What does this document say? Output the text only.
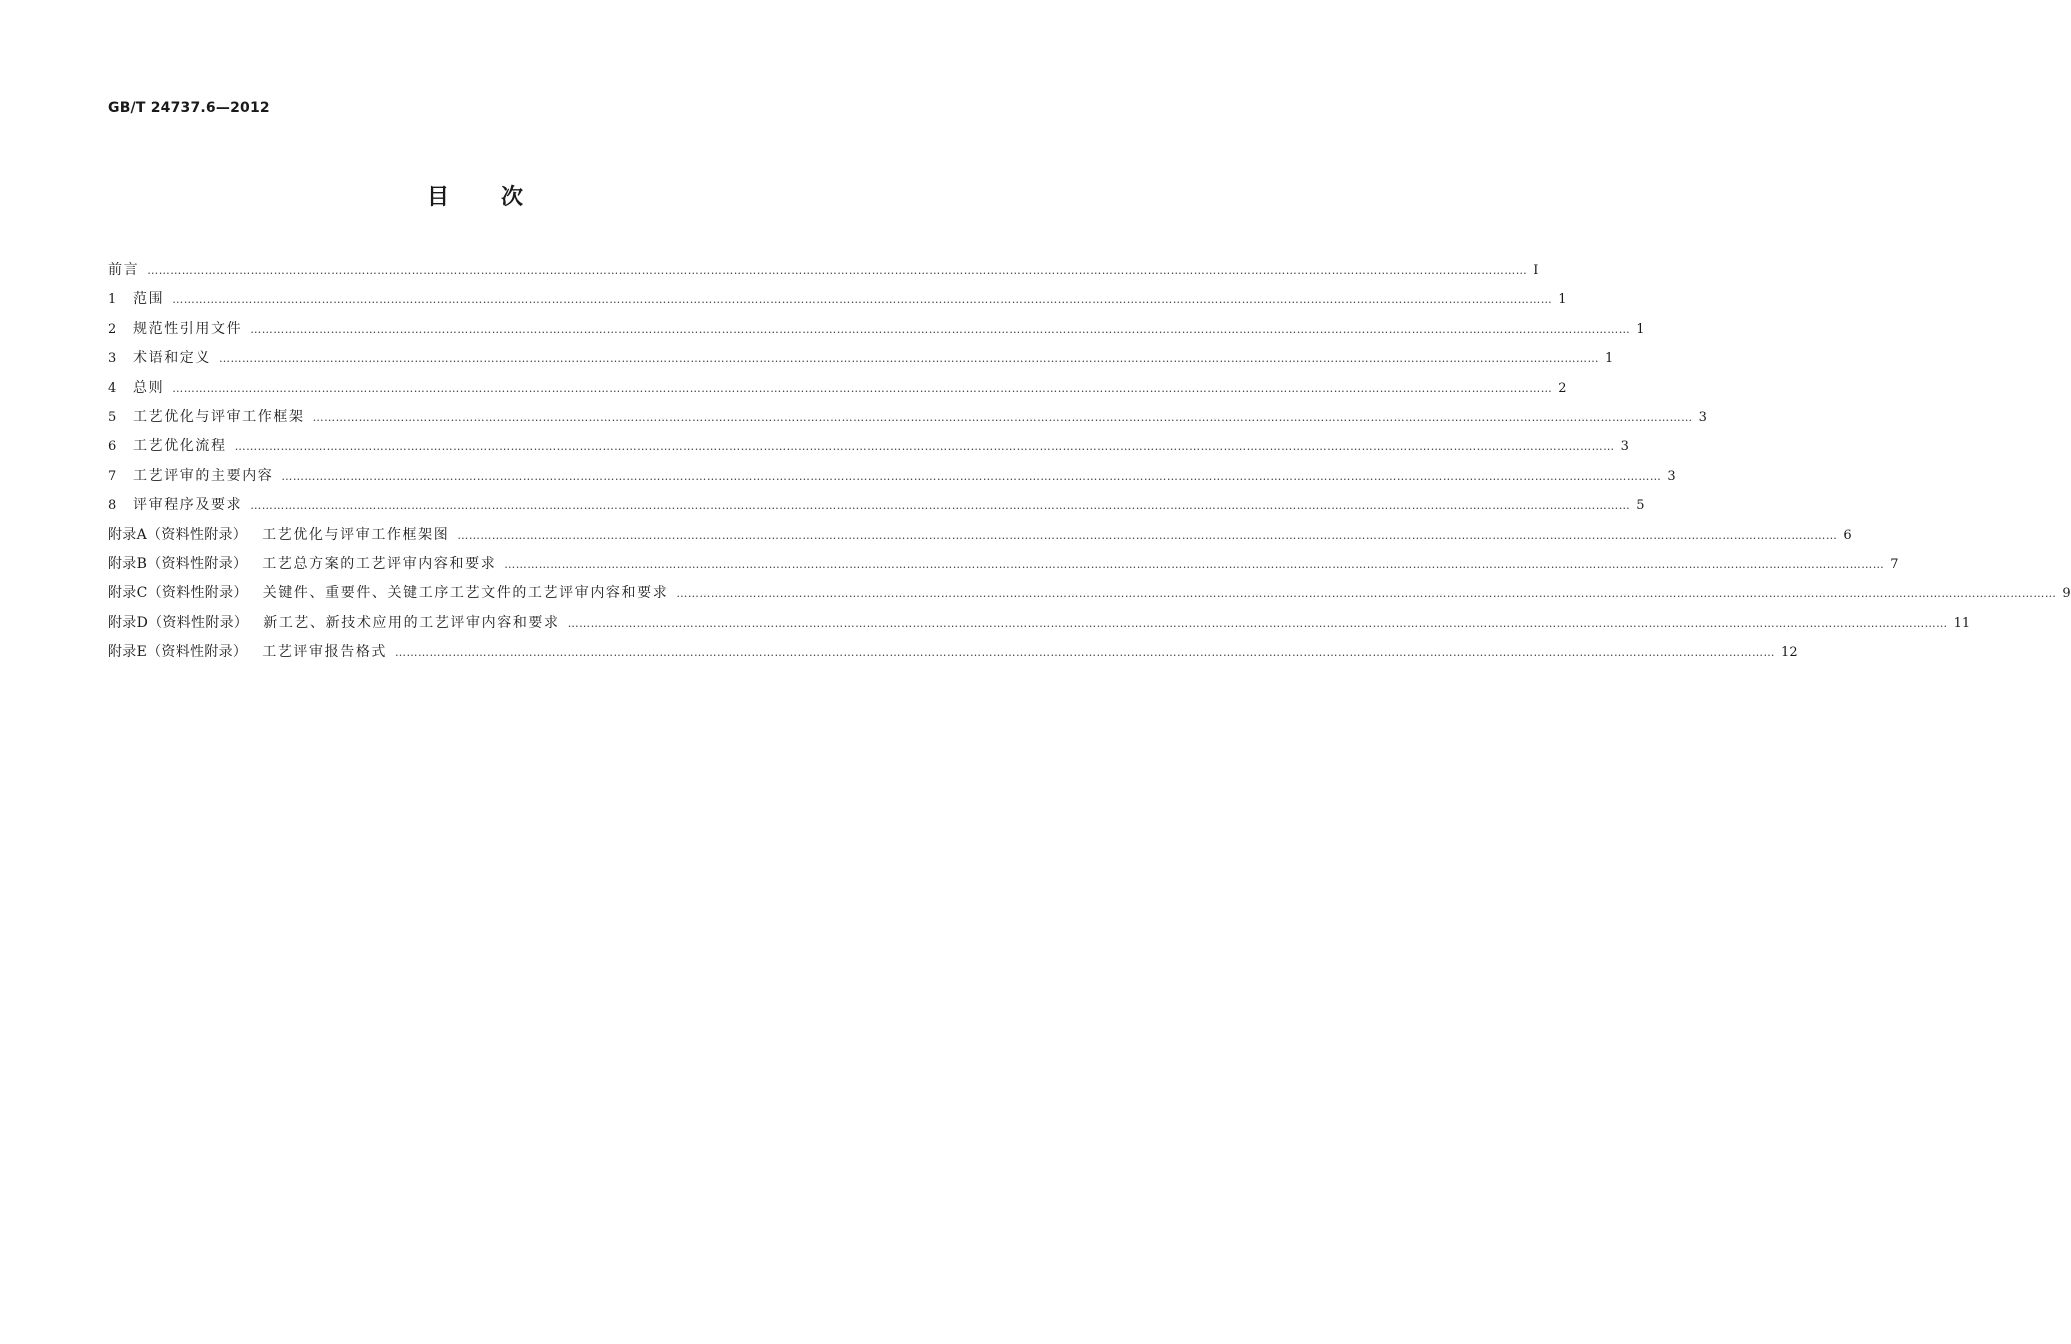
GB/T 24737.6—2012
目次
前言 ……………………………………………………………………………………………………………………………………………………………………………………………………………………………………………………………………………………………………………………………… Ⅰ
1	范围 ……………………………………………………………………………………………………………………………………………………………………………………………………………………………………………………………………………………………………………………………… 1
2	规范性引用文件 ……………………………………………………………………………………………………………………………………………………………………………………………………………………………………………………………………………………………………………………………… 1
3	术语和定义 ……………………………………………………………………………………………………………………………………………………………………………………………………………………………………………………………………………………………………………………………… 1
4	总则 ……………………………………………………………………………………………………………………………………………………………………………………………………………………………………………………………………………………………………………………………… 2
5	工艺优化与评审工作框架 ……………………………………………………………………………………………………………………………………………………………………………………………………………………………………………………………………………………………………………………………… 3
6	工艺优化流程 ……………………………………………………………………………………………………………………………………………………………………………………………………………………………………………………………………………………………………………………………… 3
7	工艺评审的主要内容 ……………………………………………………………………………………………………………………………………………………………………………………………………………………………………………………………………………………………………………………………… 3
8	评审程序及要求 ……………………………………………………………………………………………………………………………………………………………………………………………………………………………………………………………………………………………………………………………… 5
附录A（资料性附录） 工艺优化与评审工作框架图 ……………………………………………………………………………………………………………………………………………………………………………………………………………………………………………………………………………………………………………………………… 6
附录B（资料性附录） 工艺总方案的工艺评审内容和要求 ……………………………………………………………………………………………………………………………………………………………………………………………………………………………………………………………………………………………………………………………… 7
附录C（资料性附录） 关键件、重要件、关键工序工艺文件的工艺评审内容和要求 ……………………………………………………………………………………………………………………………………………………………………………………………………………………………………………………………………………………………………………………………… 9
附录D（资料性附录） 新工艺、新技术应用的工艺评审内容和要求 ……………………………………………………………………………………………………………………………………………………………………………………………………………………………………………………………………………………………………………………………… 11
附录E（资料性附录） 工艺评审报告格式 ……………………………………………………………………………………………………………………………………………………………………………………………………………………………………………………………………………………………………………………………… 12
